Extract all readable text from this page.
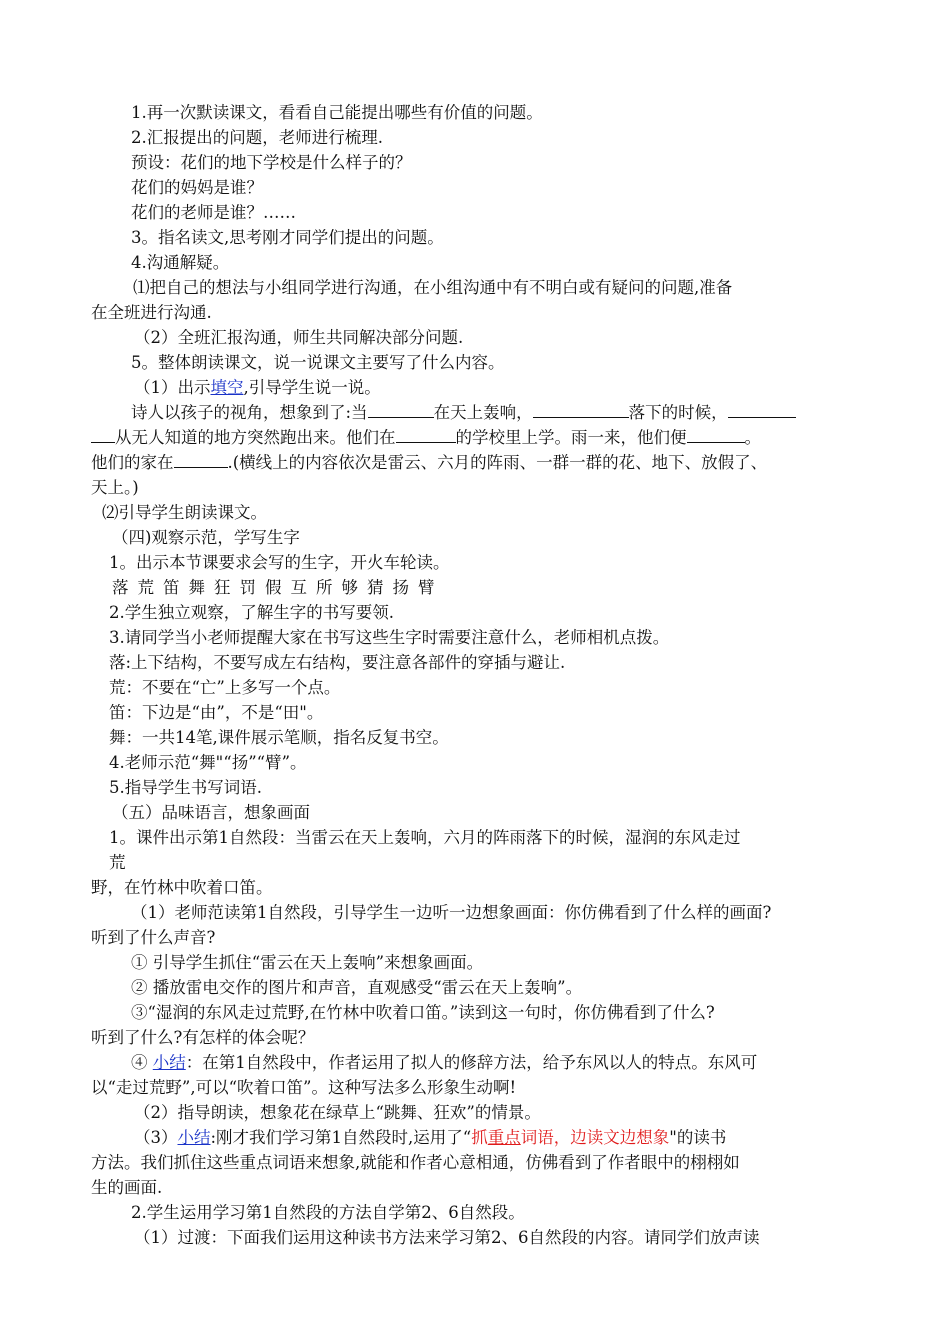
1.再一次默读课文，看看自己能提出哪些有价值的问题。
2.汇报提出的问题，老师进行梳理.
预设：花们的地下学校是什么样子的？
花们的妈妈是谁？
花们的老师是谁？……
3。指名读文,思考刚才同学们提出的问题。
4.沟通解疑。
⑴把自己的想法与小组同学进行沟通，在小组沟通中有不明白或有疑问的问题,准备
在全班进行沟通.
（2）全班汇报沟通，师生共同解决部分问题.
5。整体朗读课文，说一说课文主要写了什么内容。
（1）出示填空,引导学生说一说。
诗人以孩子的视角，想象到了:当	在天上轰响，	落下的时候，
从无人知道的地方突然跑出来。他们在	的学校里上学。雨一来，他们便	。
他们的家在	.(横线上的内容依次是雷云、六月的阵雨、一群一群的花、地下、放假了、
天上。)
⑵引导学生朗读课文。
（四)观察示范，学写生字
1。出示本节课要求会写的生字，开火车轮读。
落 荒 笛 舞 狂 罚 假 互 所 够 猜 扬 臂
2.学生独立观察，了解生字的书写要领.
3.请同学当小老师提醒大家在书写这些生字时需要注意什么，老师相机点拨。
落:上下结构，不要写成左右结构，要注意各部件的穿插与避让.
荒：不要在“亡”上多写一个点。
笛：下边是“由”，不是“田"。
舞：一共14笔,课件展示笔顺，指名反复书空。
4.老师示范“舞"“扬”“臂”。
5.指导学生书写词语.
（五）品味语言，想象画面
1。课件出示第1自然段：当雷云在天上轰响，六月的阵雨落下的时候，湿润的东风走过
荒
野，在竹林中吹着口笛。
（1）老师范读第1自然段，引导学生一边听一边想象画面：你仿佛看到了什么样的画面?
听到了什么声音?
① 引导学生抓住“雷云在天上轰响”来想象画面。
② 播放雷电交作的图片和声音，直观感受“雷云在天上轰响”。
③“湿润的东风走过荒野,在竹林中吹着口笛。”读到这一句时，你仿佛看到了什么?
听到了什么?有怎样的体会呢？
④ 小结：在第1自然段中，作者运用了拟人的修辞方法，给予东风以人的特点。东风可
以“走过荒野”,可以“吹着口笛”。这种写法多么形象生动啊!
（2）指导朗读，想象花在绿草上“跳舞、狂欢”的情景。
（3）小结:刚才我们学习第1自然段时,运用了“抓重点词语，边读文边想象"的读书
方法。我们抓住这些重点词语来想象,就能和作者心意相通，仿佛看到了作者眼中的栩栩如
生的画面.
2.学生运用学习第1自然段的方法自学第2、6自然段。
（1）过渡：下面我们运用这种读书方法来学习第2、6自然段的内容。请同学们放声读
